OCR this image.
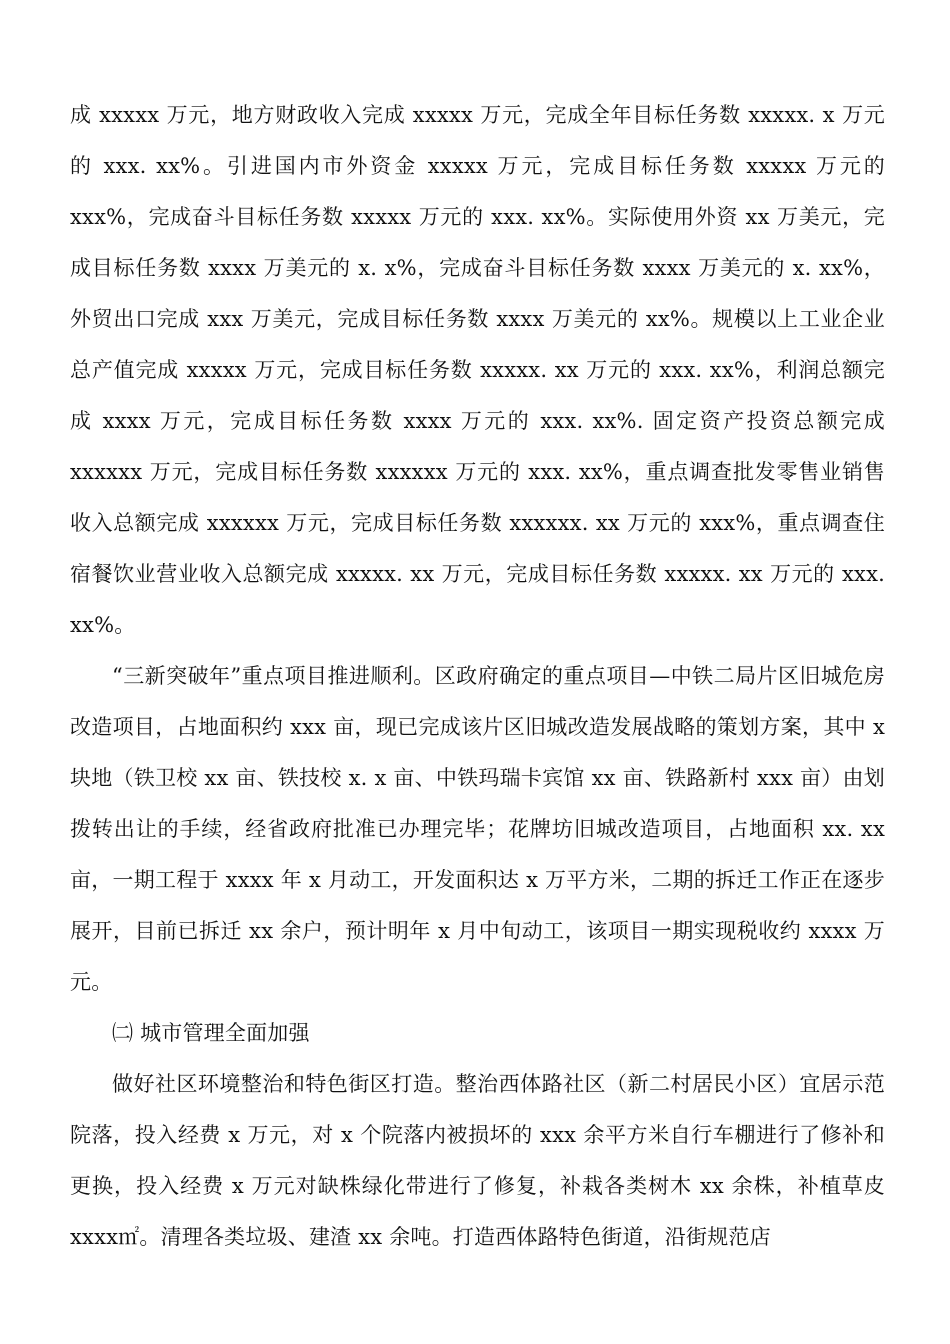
成 xxxxx 万元，地方财政收入完成 xxxxx 万元，完成全年目标任务数 xxxxx. x 万元的 xxx. xx%。引进国内市外资金 xxxxx 万元，完成目标任务数 xxxxx 万元的 xxx%，完成奋斗目标任务数 xxxxx 万元的 xxx. xx%。实际使用外资 xx 万美元，完成目标任务数 xxxx 万美元的 x. x%，完成奋斗目标任务数 xxxx 万美元的 x. xx%，外贸出口完成 xxx 万美元，完成目标任务数 xxxx 万美元的 xx%。规模以上工业企业总产值完成 xxxxx 万元，完成目标任务数 xxxxx. xx 万元的 xxx. xx%，利润总额完成 xxxx 万元，完成目标任务数 xxxx 万元的 xxx. xx%. 固定资产投资总额完成 xxxxxx 万元，完成目标任务数 xxxxxx 万元的 xxx. xx%，重点调查批发零售业销售收入总额完成 xxxxxx 万元，完成目标任务数 xxxxxx. xx 万元的 xxx%，重点调查住宿餐饮业营业收入总额完成 xxxxx. xx 万元，完成目标任务数 xxxxx. xx 万元的 xxx. xx%。

“三新突破年”重点项目推进顺利。区政府确定的重点项目—中铁二局片区旧城危房改造项目，占地面积约 xxx 亩，现已完成该片区旧城改造发展战略的策划方案，其中 x 块地（铁卫校 xx 亩、铁技校 x. x 亩、中铁玛瑞卡宾馆 xx 亩、铁路新村 xxx 亩）由划拨转出让的手续，经省政府批准已办理完毕；花牌坊旧城改造项目，占地面积 xx. xx 亩，一期工程于 xxxx 年 x 月动工，开发面积达 x 万平方米，二期的拆迁工作正在逐步展开，目前已拆迁 xx 余户，预计明年 x 月中旬动工，该项目一期实现税收约 xxxx 万元。

㈡ 城市管理全面加强

做好社区环境整治和特色街区打造。整治西体路社区（新二村居民小区）宜居示范院落，投入经费 x 万元，对 x 个院落内被损坏的 xxx 余平方米自行车棚进行了修补和更换，投入经费 x 万元对缺株绿化带进行了修复，补栽各类树木 xx 余株，补植草皮 xxxx㎡。清理各类垃圾、建渣 xx 余吨。打造西体路特色街道，沿街规范店
